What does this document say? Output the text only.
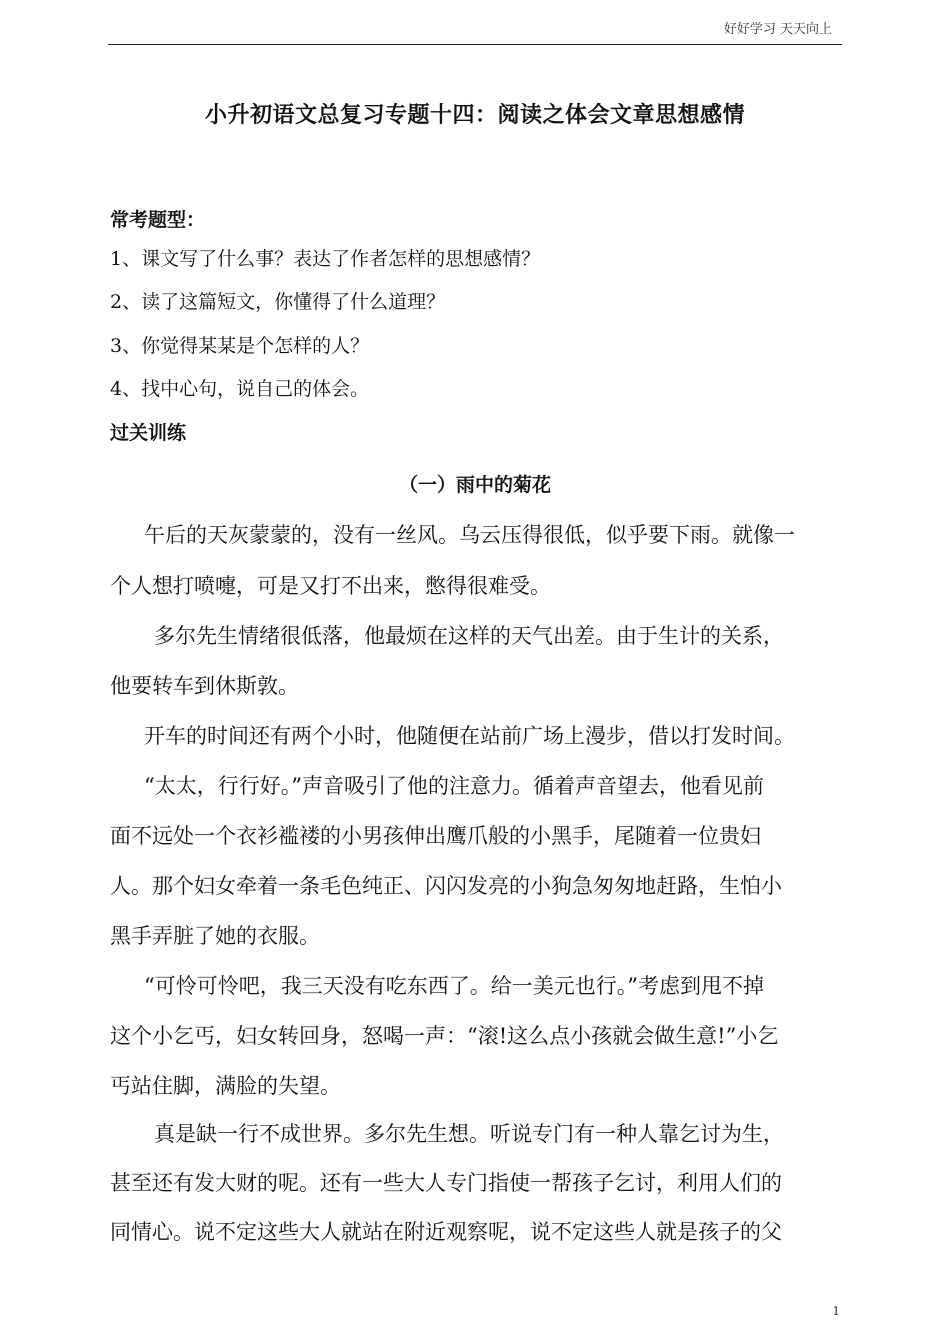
好好学习 天天向上
小升初语文总复习专题十四：阅读之体会文章思想感情
常考题型：
1、课文写了什么事？表达了作者怎样的思想感情？
2、读了这篇短文，你懂得了什么道理？
3、你觉得某某是个怎样的人？
4、找中心句，说自己的体会。
过关训练
（一）雨中的菊花
午后的天灰蒙蒙的，没有一丝风。乌云压得很低，似乎要下雨。就像一
个人想打喷嚏，可是又打不出来，憋得很难受。
多尔先生情绪很低落，他最烦在这样的天气出差。由于生计的关系，
他要转车到休斯敦。
开车的时间还有两个小时，他随便在站前广场上漫步，借以打发时间。
“太太，行行好。”声音吸引了他的注意力。循着声音望去，他看见前
面不远处一个衣衫褴褛的小男孩伸出鹰爪般的小黑手，尾随着一位贵妇
人。那个妇女牵着一条毛色纯正、闪闪发亮的小狗急匆匆地赶路，生怕小
黑手弄脏了她的衣服。
“可怜可怜吧，我三天没有吃东西了。给一美元也行。”考虑到甩不掉
这个小乞丐，妇女转回身，怒喝一声：“滚!这么点小孩就会做生意!”小乞
丐站住脚，满脸的失望。
真是缺一行不成世界。多尔先生想。听说专门有一种人靠乞讨为生，
甚至还有发大财的呢。还有一些大人专门指使一帮孩子乞讨，利用人们的
同情心。说不定这些大人就站在附近观察呢，说不定这些人就是孩子的父
1
